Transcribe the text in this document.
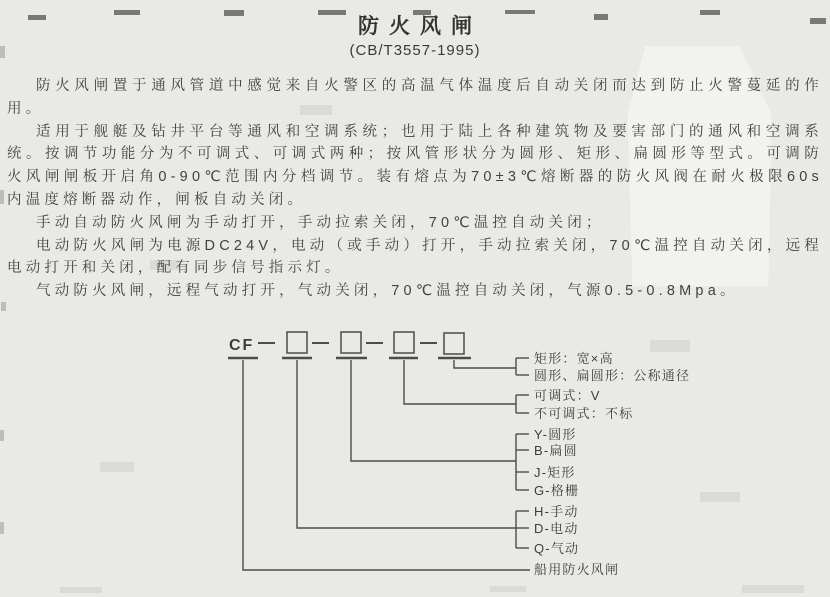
防火风闸
(CB/T3557-1995)

防火风闸置于通风管道中感觉来自火警区的高温气体温度后自动关闭而达到防止火警蔓延的作用。

适用于舰艇及钻井平台等通风和空调系统；也用于陆上各种建筑物及要害部门的通风和空调系统。按调节功能分为不可调式、可调式两种；按风管形状分为圆形、矩形、扁圆形等型式。可调防火风闸闸板开启角0-90℃范围内分档调节。装有熔点为70±3℃熔断器的防火风阀在耐火极限60s内温度熔断器动作，闸板自动关闭。

手动自动防火风闸为手动打开，手动拉索关闭，70℃温控自动关闭；

电动防火风闸为电源DC24V，电动（或手动）打开，手动拉索关闭，70℃温控自动关闭，远程电动打开和关闭，配有同步信号指示灯。

气动防火风闸，远程气动打开，气动关闭，70℃温控自动关闭，气源0.5-0.8Mpa。

CF
矩形：宽×高
圆形、扁圆形：公称通径
可调式：V
不可调式：不标
Y-圆形
B-扁圆
J-矩形
G-格栅
H-手动
D-电动
Q-气动
船用防火风闸
